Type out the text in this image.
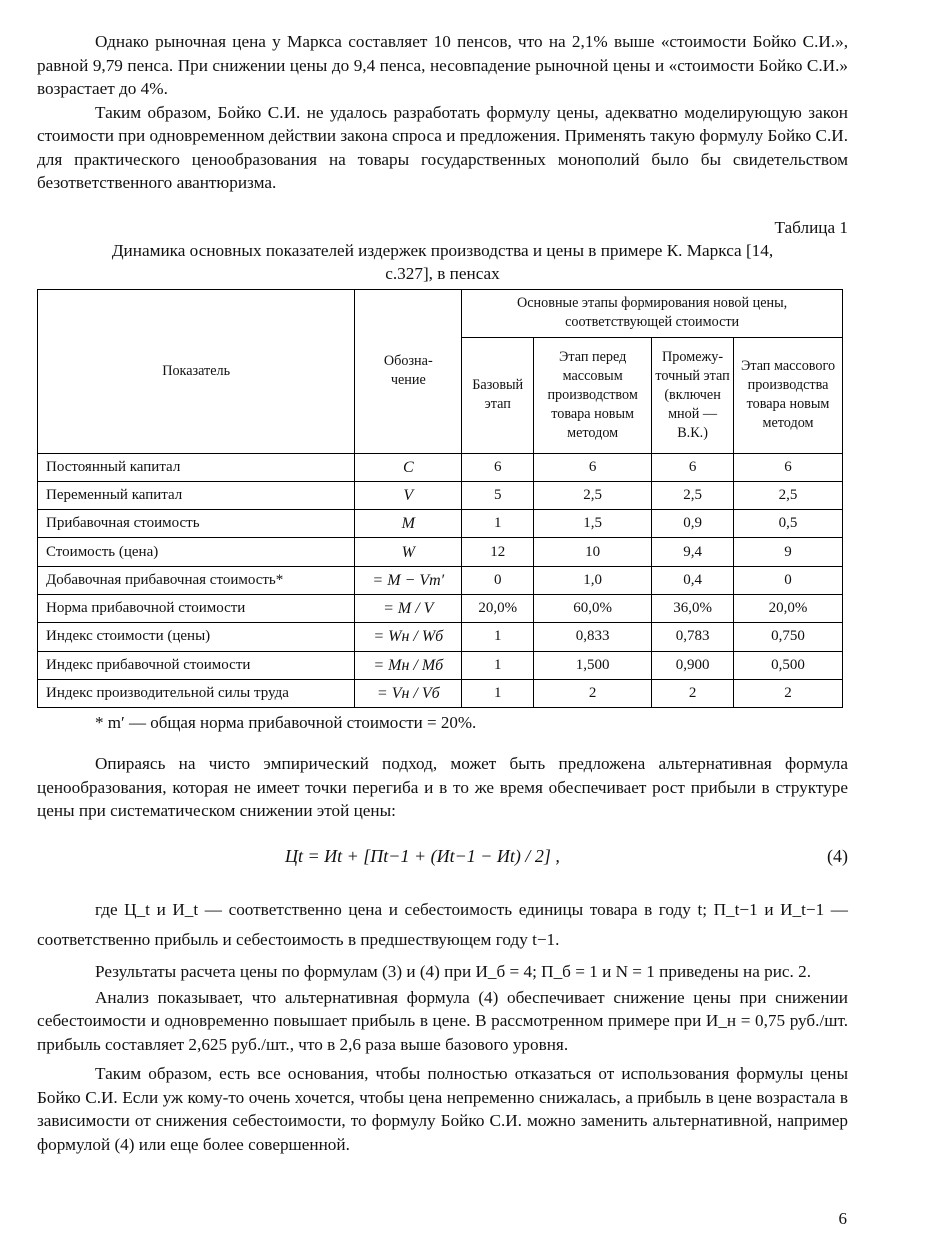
Однако рыночная цена у Маркса составляет 10 пенсов, что на 2,1% выше «стоимости Бойко С.И.», равной 9,79 пенса. При снижении цены до 9,4 пенса, несовпадение рыночной цены и «стоимости Бойко С.И.» возрастает до 4%.

Таким образом, Бойко С.И. не удалось разработать формулу цены, адекватно моделирующую закон стоимости при одновременном действии закона спроса и предложения. Применять такую формулу Бойко С.И. для практического ценообразования на товары государственных монополий было бы свидетельством безответственного авантюризма.

Таблица 1
Динамика основных показателей издержек производства и цены в примере К. Маркса [14, с.327], в пенсах
Показатель	Обозна-чение	Основные этапы формирования новой цены, соответствующей стоимости			
		Базовый этап	Этап перед массовым производством товара новым методом	Промежу-точный этап (включен мной — В.К.)	Этап массового производства товара новым методом
Постоянный капитал	C	6	6	6	6
Переменный капитал	V	5	2,5	2,5	2,5
Прибавочная стоимость	M	1	1,5	0,9	0,5
Стоимость (цена)	W	12	10	9,4	9
Добавочная прибавочная стоимость*	= M − Vm′	0	1,0	0,4	0
Норма прибавочной стоимости	= M / V	20,0%	60,0%	36,0%	20,0%
Индекс стоимости (цены)	= Wн / Wб	1	0,833	0,783	0,750
Индекс прибавочной стоимости	= Mн / Mб	1	1,500	0,900	0,500
Индекс производительной силы труда	= Vн / Vб	1	2	2	2
* m′ — общая норма прибавочной стоимости = 20%.

Опираясь на чисто эмпирический подход, может быть предложена альтернативная формула ценообразования, которая не имеет точки перегиба и в то же время обеспечивает рост прибыли в структуре цены при систематическом снижении этой цены:

Цt = Иt + [Пt−1 + (Иt−1 − Иt) / 2] ,	(4)

где Ц_t и И_t — соответственно цена и себестоимость единицы товара в году t; П_t−1 и И_t−1 — соответственно прибыль и себестоимость в предшествующем году t−1.

Результаты расчета цены по формулам (3) и (4) при И_б = 4; П_б = 1 и N = 1 приведены на рис. 2.

Анализ показывает, что альтернативная формула (4) обеспечивает снижение цены при снижении себестоимости и одновременно повышает прибыль в цене. В рассмотренном примере при И_н = 0,75 руб./шт. прибыль составляет 2,625 руб./шт., что в 2,6 раза выше базового уровня.

Таким образом, есть все основания, чтобы полностью отказаться от использования формулы цены Бойко С.И. Если уж кому-то очень хочется, чтобы цена непременно снижалась, а прибыль в цене возрастала в зависимости от снижения себестоимости, то формулу Бойко С.И. можно заменить альтернативной, например формулой (4) или еще более совершенной.

6
